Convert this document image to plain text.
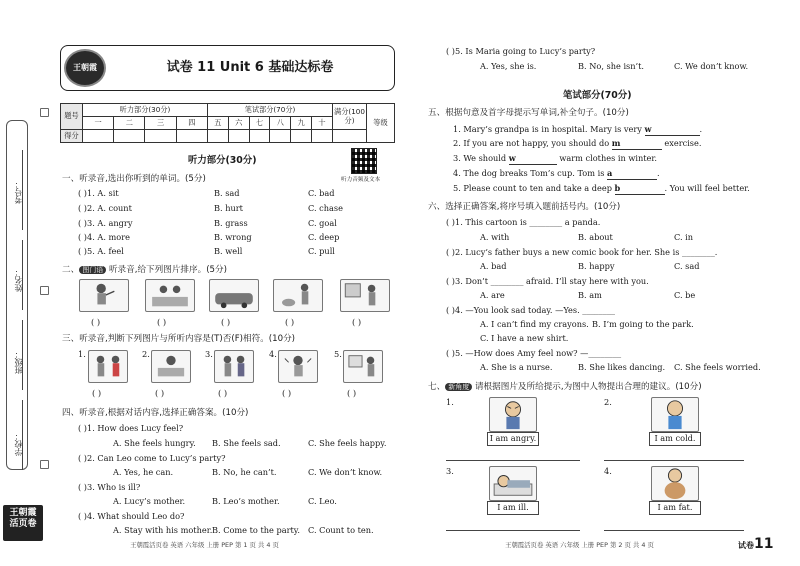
考号：
姓名：
班级：
学校：
王朝霞
活页卷
王朝霞	试卷 11 Unit 6 基础达标卷
题号	听力部分(30分)				笔试部分(70分)						满分(100分)	等级
	一	二	三	四	五	六	七	八	九	十		
得分												
听力部分(30分)
听力音频及文本
一、听录音,选出你听到的单词。(5分)
( )1. A. sit	B. sad	C. bad
( )2. A. count	B. hurt	C. chase
( )3. A. angry	B. grass	C. goal
( )4. A. more	B. wrong	C. deep
( )5. A. feel	B. well	C. pull
二、 图门语 听录音,给下列图片排序。(5分)
( )	( )	( )	( )	( )
三、听录音,判断下列图片与所听内容是(T)否(F)相符。(10分)
1.	2.	3.	4.	5.
( )	( )	( )	( )	( )
四、听录音,根据对话内容,选择正确答案。(10分)
( )1. How does Lucy feel?
A. She feels hungry. B. She feels sad.	C. She feels happy.
( )2. Can Leo come to Lucy’s party?
A. Yes, he can.	B. No, he can’t.	C. We don’t know.
( )3. Who is ill?
A. Lucy’s mother.	B. Leo’s mother.	C. Leo.
( )4. What should Leo do?
A. Stay with his mother. B. Come to the party. C. Count to ten.
( )5. Is Maria going to Lucy’s party?
A. Yes, she is.	B. No, she isn’t.	C. We don’t know.
笔试部分(70分)
五、根据句意及首字母提示写单词,补全句子。(10分)
1. Mary’s grandpa is in hospital. Mary is very w	.
2. If you are not happy, you should do m	exercise.
3. We should w	warm clothes in winter.
4. The dog breaks Tom’s cup. Tom is a	.
5. Please count to ten and take a deep b	. You will feel better.
六、选择正确答案,将序号填入题前括号内。(10分)
( )1. This cartoon is ________ a panda.
A. with	B. about	C. in
( )2. Lucy’s father buys a new comic book for her. She is ________.
A. bad	B. happy	C. sad
( )3. Don’t ________ afraid. I’ll stay here with you.
A. are	B. am	C. be
( )4. —You look sad today. —Yes. ________
A. I can’t find my crayons. B. I’m going to the park.
C. I have a new shirt.
( )5. —How does Amy feel now? —________
A. She is a nurse.	B. She likes dancing. C. She feels worried.
七、 新角度 请根据图片及所给提示,为图中人物提出合理的建议。(10分)
1.
I am angry.
2.
I am cold.
3.
I am ill.
4.
I am fat.
王朝霞活页卷 英语 六年级 上册 PEP 第 1 页 共 4 页	王朝霞活页卷 英语 六年级 上册 PEP 第 2 页 共 4 页	试卷11
